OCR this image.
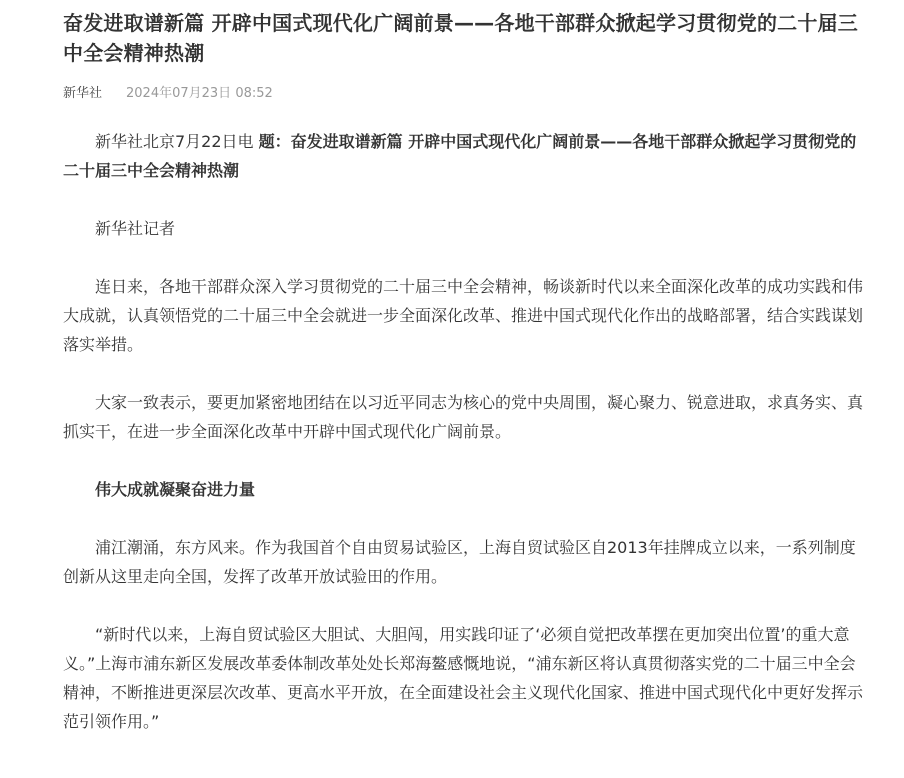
奋发进取谱新篇 开辟中国式现代化广阔前景——各地干部群众掀起学习贯彻党的二十届三中全会精神热潮
新华社 2024年07月23日 08:52

新华社北京7月22日电 题：奋发进取谱新篇 开辟中国式现代化广阔前景——各地干部群众掀起学习贯彻党的二十届三中全会精神热潮

新华社记者

连日来，各地干部群众深入学习贯彻党的二十届三中全会精神，畅谈新时代以来全面深化改革的成功实践和伟大成就，认真领悟党的二十届三中全会就进一步全面深化改革、推进中国式现代化作出的战略部署，结合实践谋划落实举措。

大家一致表示，要更加紧密地团结在以习近平同志为核心的党中央周围，凝心聚力、锐意进取，求真务实、真抓实干，在进一步全面深化改革中开辟中国式现代化广阔前景。

伟大成就凝聚奋进力量

浦江潮涌，东方风来。作为我国首个自由贸易试验区，上海自贸试验区自2013年挂牌成立以来，一系列制度创新从这里走向全国，发挥了改革开放试验田的作用。

“新时代以来，上海自贸试验区大胆试、大胆闯，用实践印证了‘必须自觉把改革摆在更加突出位置’的重大意义。”上海市浦东新区发展改革委体制改革处处长郑海鳌感慨地说，“浦东新区将认真贯彻落实党的二十届三中全会精神，不断推进更深层次改革、更高水平开放，在全面建设社会主义现代化国家、推进中国式现代化中更好发挥示范引领作用。”
